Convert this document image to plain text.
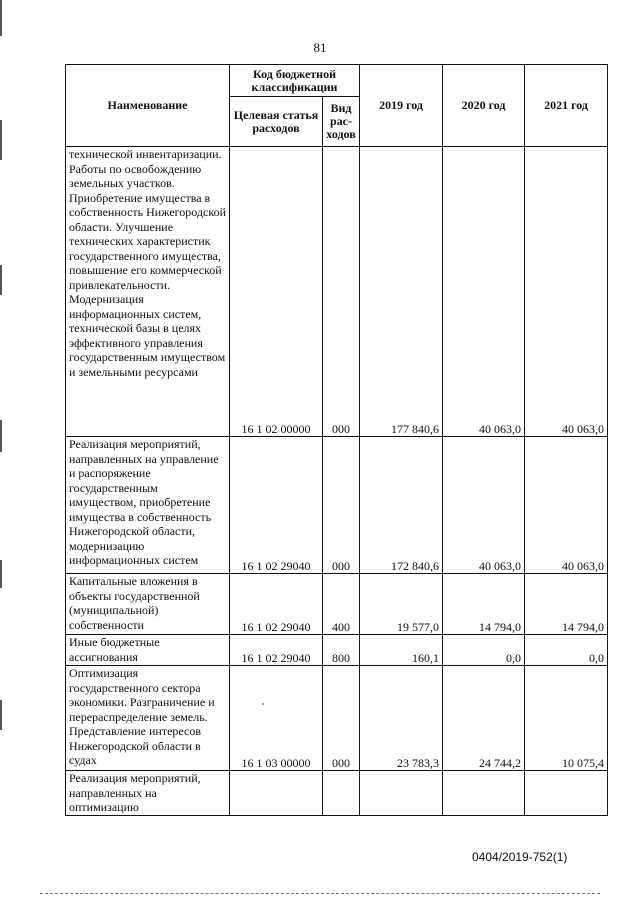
81
Наименование	Код бюджетной классификации		2019 год	2020 год	2021 год
	Целевая статья расходов	Вид рас-ходов			
технической инвентаризации. Работы по освобождению земельных участков. Приобретение имущества в собственность Нижегородской области. Улучшение технических характеристик государственного имущества, повышение его коммерческой привлекательности. Модернизация информационных систем, технической базы в целях эффективного управления государственным имуществом и земельными ресурсами	16 1 02 00000	000	177 840,6	40 063,0	40 063,0
Реализация мероприятий, направленных на управление и распоряжение государственным имуществом, приобретение имущества в собственность Нижегородской области, модернизацию информационных систем	16 1 02 29040	000	172 840,6	40 063,0	40 063,0
Капитальные вложения в объекты государственной (муниципальной) собственности	16 1 02 29040	400	19 577,0	14 794,0	14 794,0
Иные бюджетные ассигнования	16 1 02 29040	800	160,1	0,0	0,0
Оптимизация государственного сектора экономики. Разграничение и перераспределение земель. Представление интересов Нижегородской области в судах	16 1 03 00000	000	23 783,3	24 744,2	10 075,4
Реализация мероприятий, направленных на оптимизацию					
0404/2019-752(1)
